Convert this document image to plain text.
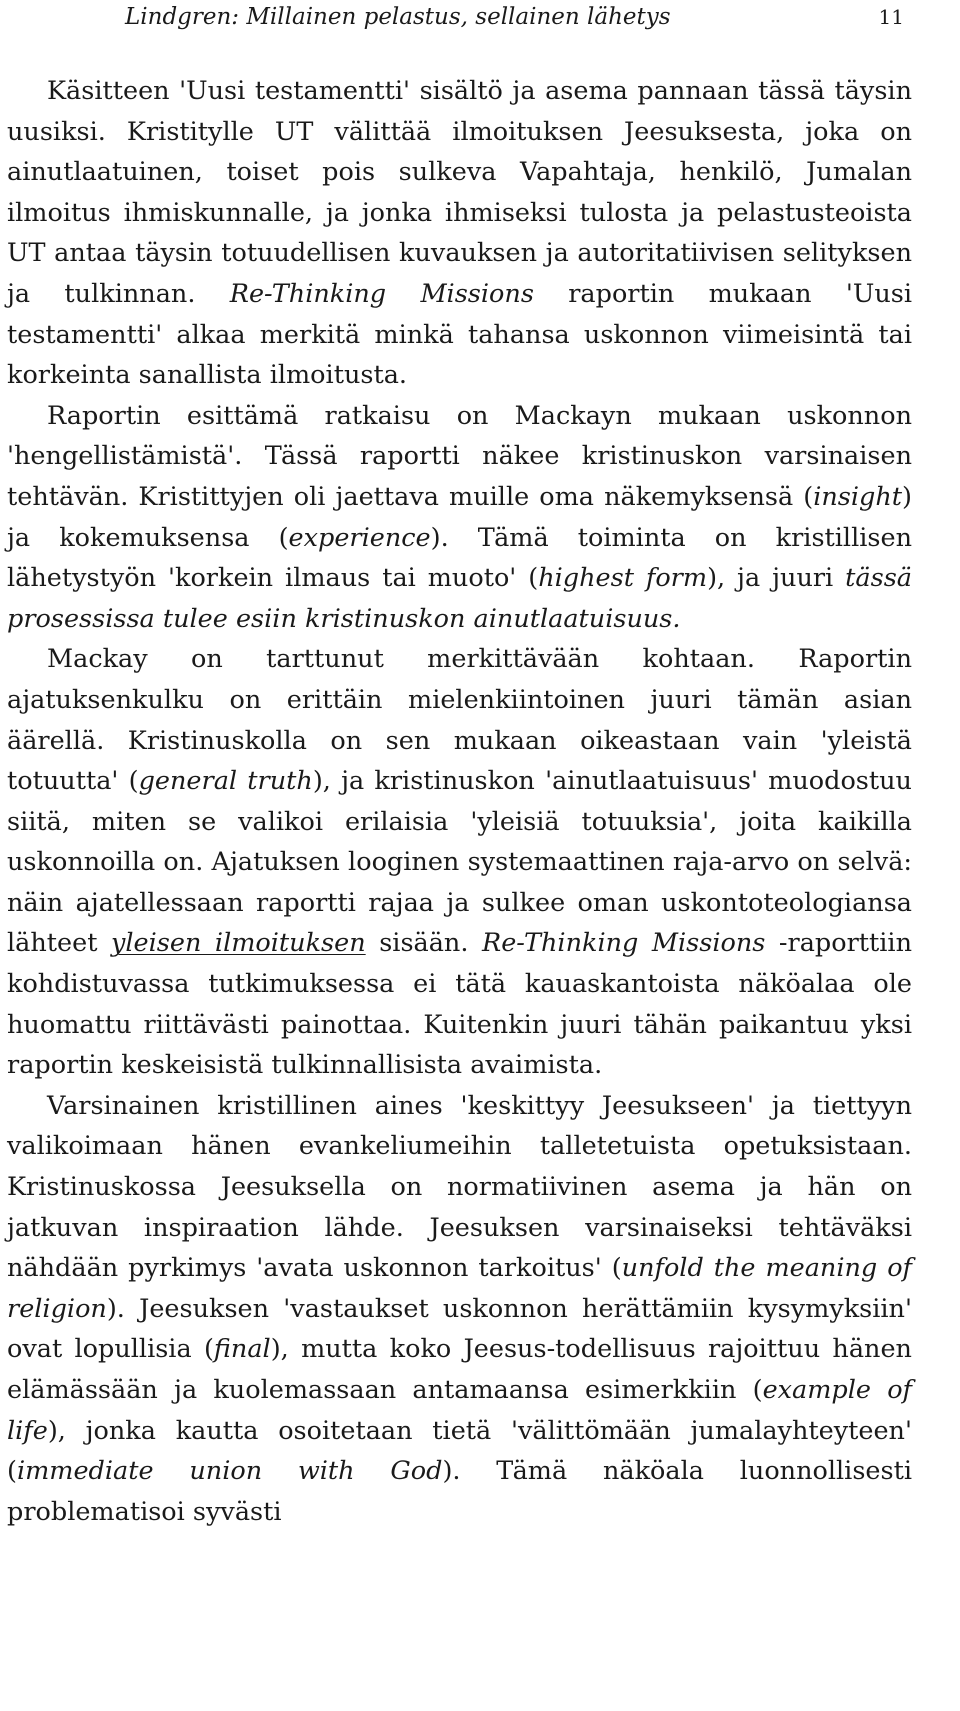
Lindgren: Millainen pelastus, sellainen lähetys	11

Käsitteen 'Uusi testamentti' sisältö ja asema pannaan tässä täysin uusiksi. Kristitylle UT välittää ilmoituksen Jeesuksesta, joka on ainutlaatuinen, toiset pois sulkeva Vapahtaja, henkilö, Jumalan ilmoitus ihmiskunnalle, ja jonka ihmiseksi tulosta ja pelastusteoista UT antaa täysin totuudellisen kuvauksen ja autoritatiivisen selityksen ja tulkinnan. Re-Thinking Missions raportin mukaan 'Uusi testamentti' alkaa merkitä minkä tahansa uskonnon viimeisintä tai korkeinta sanallista ilmoitusta.

Raportin esittämä ratkaisu on Mackayn mukaan uskonnon 'hengellistämistä'. Tässä raportti näkee kristinuskon varsinaisen tehtävän. Kristittyjen oli jaettava muille oma näkemyksensä (insight) ja kokemuksensa (experience). Tämä toiminta on kristillisen lähetystyön 'korkein ilmaus tai muoto' (highest form), ja juuri tässä prosessissa tulee esiin kristinuskon ainutlaatuisuus.

Mackay on tarttunut merkittävään kohtaan. Raportin ajatuksenkulku on erittäin mielenkiintoinen juuri tämän asian äärellä. Kristinuskolla on sen mukaan oikeastaan vain 'yleistä totuutta' (general truth), ja kristinuskon 'ainutlaatuisuus' muodostuu siitä, miten se valikoi erilaisia 'yleisiä totuuksia', joita kaikilla uskonnoilla on. Ajatuksen looginen systemaattinen raja-arvo on selvä: näin ajatellessaan raportti rajaa ja sulkee oman uskontoteologiansa lähteet yleisen ilmoituksen sisään. Re-Thinking Missions -raporttiin kohdistuvassa tutkimuksessa ei tätä kauaskantoista näköalaa ole huomattu riittävästi painottaa. Kuitenkin juuri tähän paikantuu yksi raportin keskeisistä tulkinnallisista avaimista.

Varsinainen kristillinen aines 'keskittyy Jeesukseen' ja tiettyyn valikoimaan hänen evankeliumeihin talletetuista opetuksistaan. Kristinuskossa Jeesuksella on normatiivinen asema ja hän on jatkuvan inspiraation lähde. Jeesuksen varsinaiseksi tehtäväksi nähdään pyrkimys 'avata uskonnon tarkoitus' (unfold the meaning of religion). Jeesuksen 'vastaukset uskonnon herättämiin kysymyksiin' ovat lopullisia (final), mutta koko Jeesus-todellisuus rajoittuu hänen elämässään ja kuolemassaan antamaansa esimerkkiin (example of life), jonka kautta osoitetaan tietä 'välittömään jumalayhteyteen' (immediate union with God). Tämä näköala luonnollisesti problematisoi syvästi
